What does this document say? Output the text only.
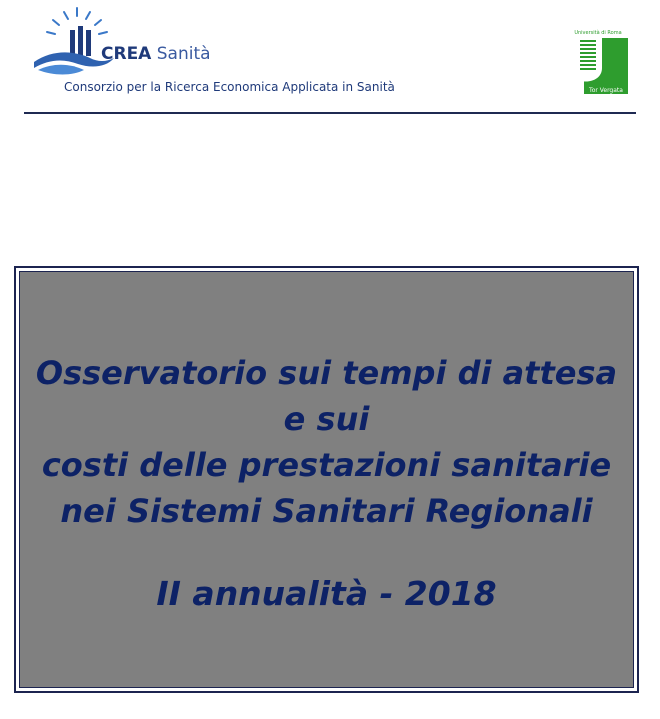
CREA Sanità
Consorzio per la Ricerca Economica Applicata in Sanità
Università di Roma
Tor Vergata
Osservatorio sui tempi di attesa
e sui
costi delle prestazioni sanitarie
nei Sistemi Sanitari Regionali
II annualità - 2018
